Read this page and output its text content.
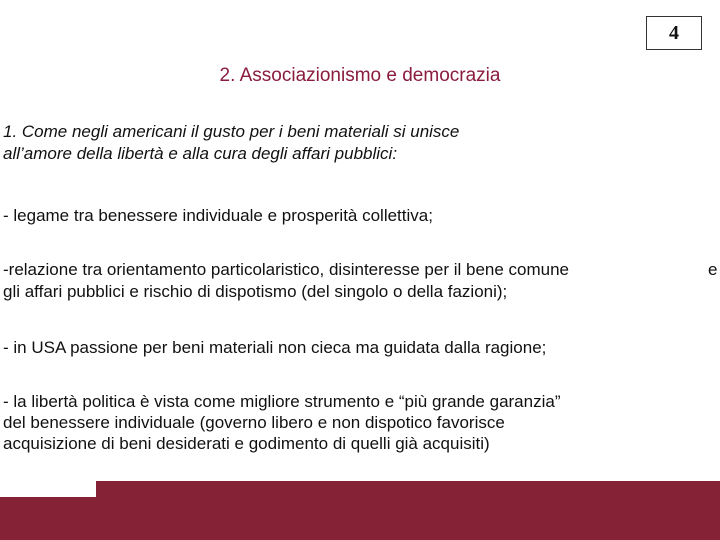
4
2. Associazionismo e democrazia
1. Come negli americani il gusto per i beni materiali si unisce
all’amore della libertà e alla cura degli affari pubblici:
- legame tra benessere individuale e prosperità collettiva;
-relazione tra orientamento particolaristico, disinteresse per il bene comune
gli affari pubblici e rischio di dispotismo (del singolo o della fazioni);
e
- in USA passione per beni materiali non cieca ma guidata dalla ragione;
- la libertà politica è vista come migliore strumento e “più grande garanzia”
del benessere individuale (governo libero e non dispotico favorisce
acquisizione di beni desiderati e godimento di quelli già acquisiti)
